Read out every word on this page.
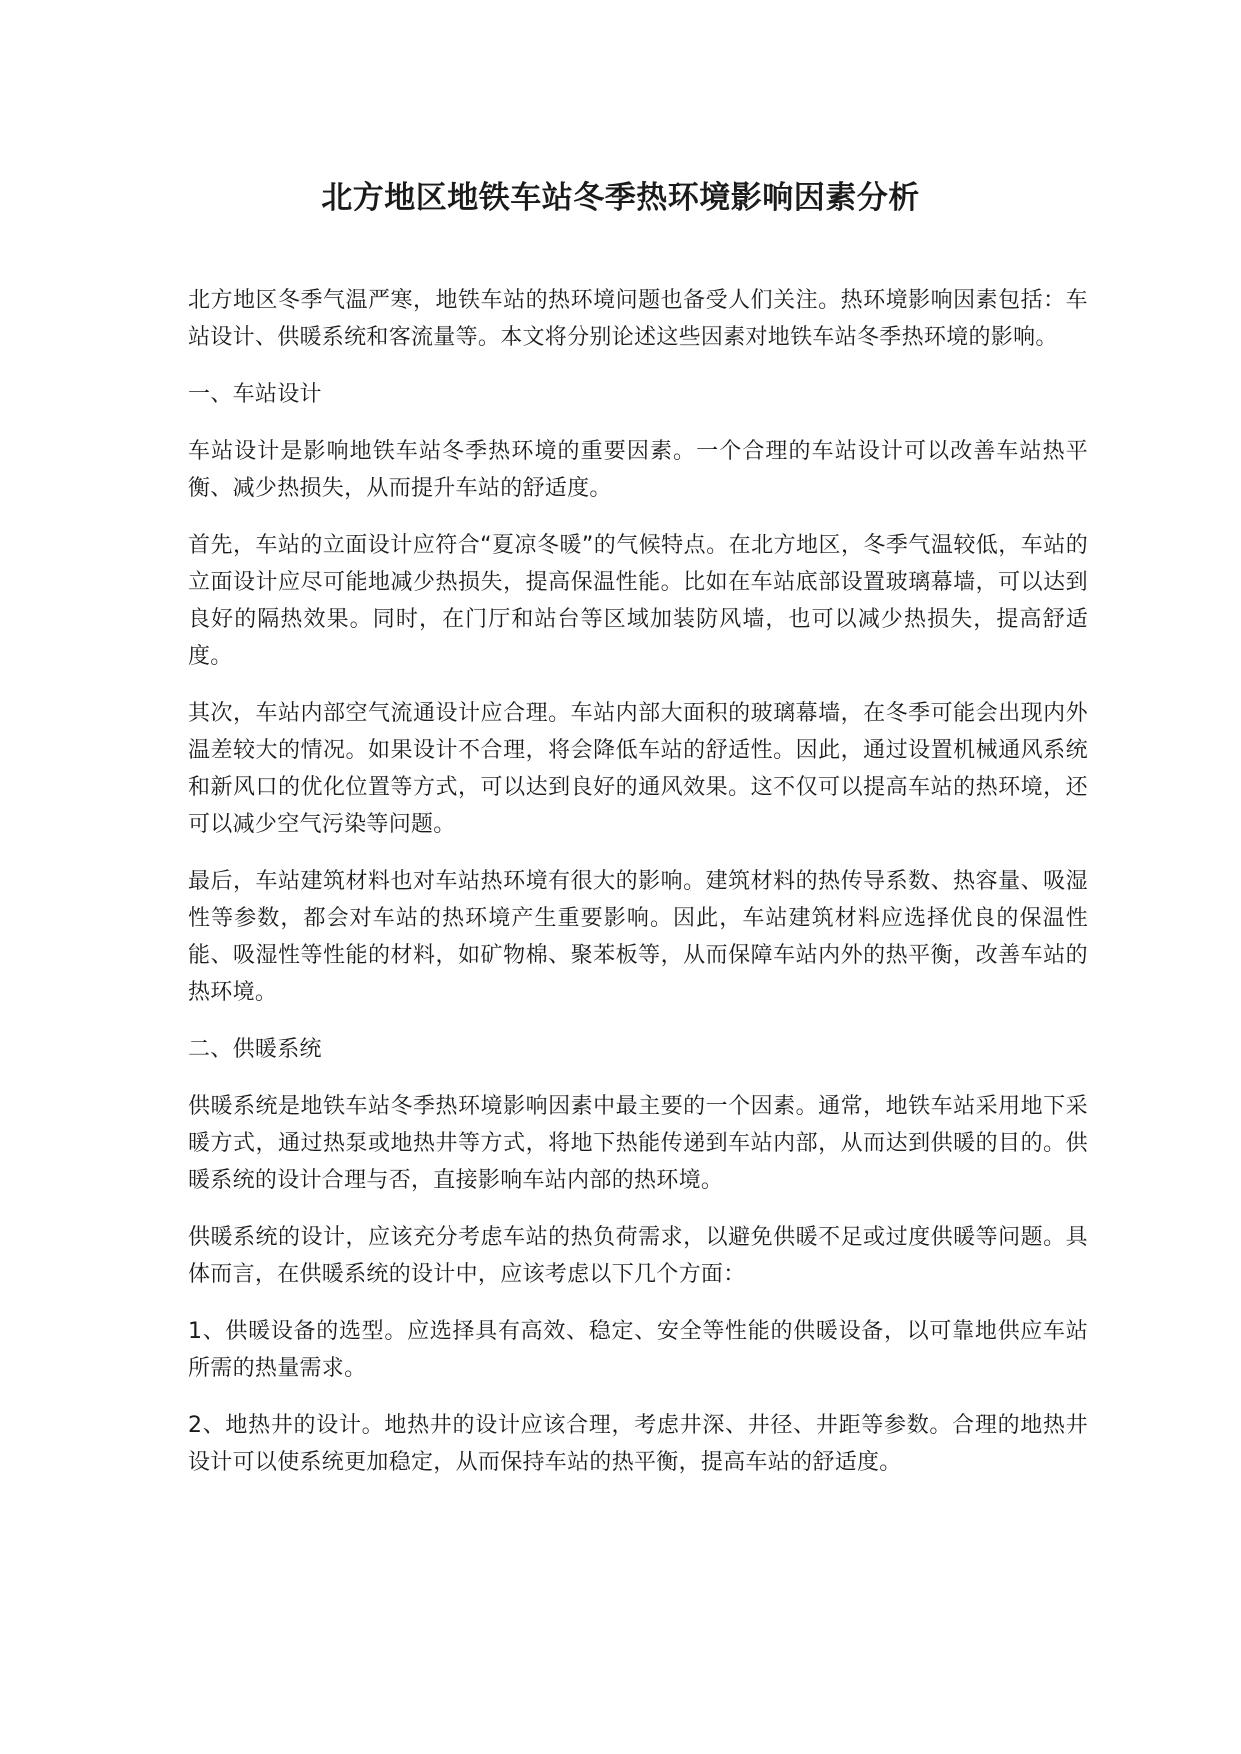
北方地区地铁车站冬季热环境影响因素分析

北方地区冬季气温严寒，地铁车站的热环境问题也备受人们关注。热环境影响因素包括：车站设计、供暖系统和客流量等。本文将分别论述这些因素对地铁车站冬季热环境的影响。

一、车站设计

车站设计是影响地铁车站冬季热环境的重要因素。一个合理的车站设计可以改善车站热平衡、减少热损失，从而提升车站的舒适度。

首先，车站的立面设计应符合“夏凉冬暖”的气候特点。在北方地区，冬季气温较低，车站的立面设计应尽可能地减少热损失，提高保温性能。比如在车站底部设置玻璃幕墙，可以达到良好的隔热效果。同时，在门厅和站台等区域加装防风墙，也可以减少热损失，提高舒适度。

其次，车站内部空气流通设计应合理。车站内部大面积的玻璃幕墙，在冬季可能会出现内外温差较大的情况。如果设计不合理，将会降低车站的舒适性。因此，通过设置机械通风系统和新风口的优化位置等方式，可以达到良好的通风效果。这不仅可以提高车站的热环境，还可以减少空气污染等问题。

最后，车站建筑材料也对车站热环境有很大的影响。建筑材料的热传导系数、热容量、吸湿性等参数，都会对车站的热环境产生重要影响。因此，车站建筑材料应选择优良的保温性能、吸湿性等性能的材料，如矿物棉、聚苯板等，从而保障车站内外的热平衡，改善车站的热环境。

二、供暖系统

供暖系统是地铁车站冬季热环境影响因素中最主要的一个因素。通常，地铁车站采用地下采暖方式，通过热泵或地热井等方式，将地下热能传递到车站内部，从而达到供暖的目的。供暖系统的设计合理与否，直接影响车站内部的热环境。

供暖系统的设计，应该充分考虑车站的热负荷需求，以避免供暖不足或过度供暖等问题。具体而言，在供暖系统的设计中，应该考虑以下几个方面：

1、供暖设备的选型。应选择具有高效、稳定、安全等性能的供暖设备，以可靠地供应车站所需的热量需求。

2、地热井的设计。地热井的设计应该合理，考虑井深、井径、井距等参数。合理的地热井设计可以使系统更加稳定，从而保持车站的热平衡，提高车站的舒适度。
